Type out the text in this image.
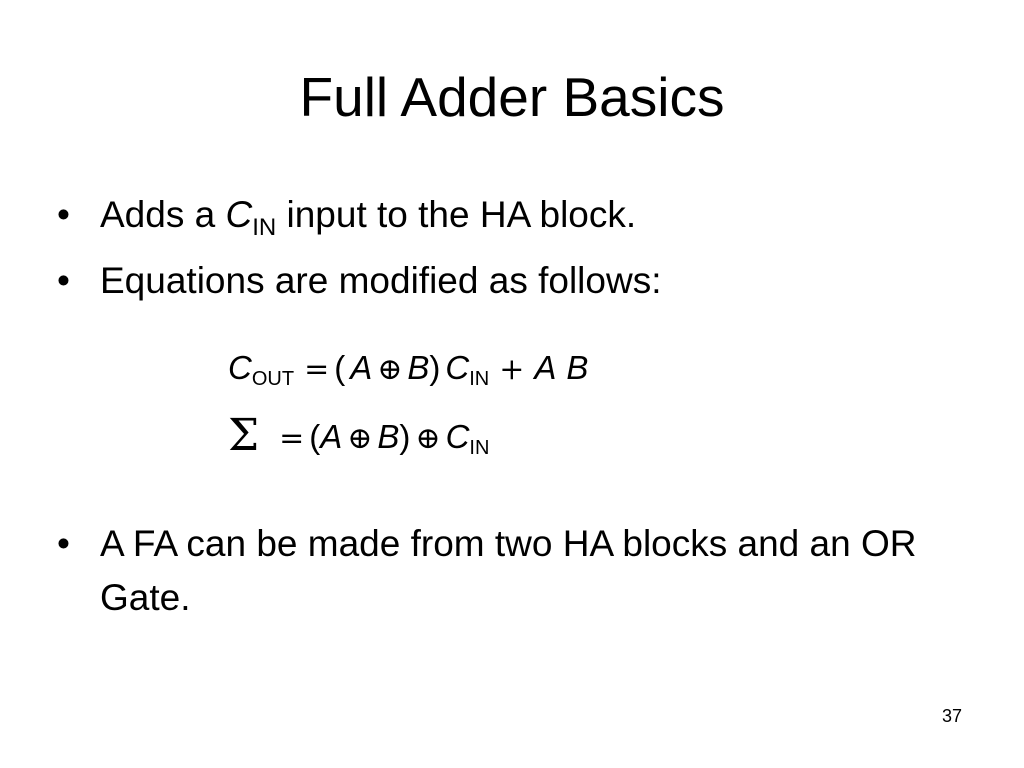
Full Adder Basics
• Adds a $C_{IN}$ input to the HA block.
• Equations are modified as follows:
COUT = ( A ⊕ B) CIN + A B
Σ = (A ⊕ B) ⊕ CIN
• A FA can be made from two HA blocks and an OR Gate.
37
